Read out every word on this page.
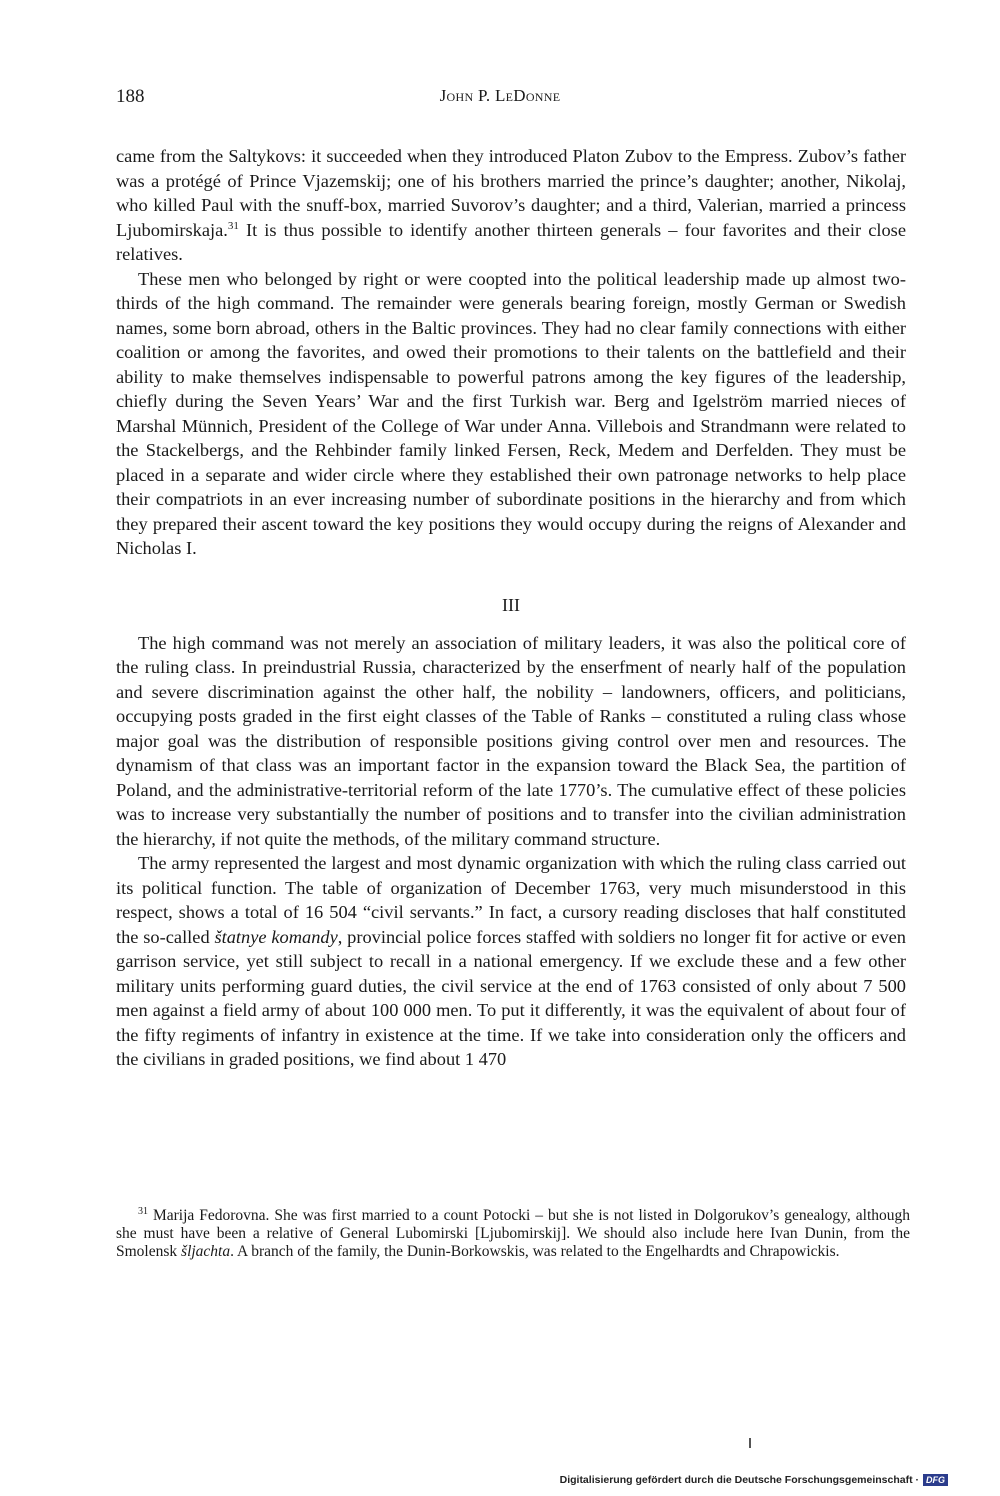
188	John P. LeDonne

came from the Saltykovs: it succeeded when they introduced Platon Zubov to the Empress. Zubov’s father was a protégé of Prince Vjazemskij; one of his brothers married the prince’s daughter; another, Nikolaj, who killed Paul with the snuff-box, married Suvorov’s daughter; and a third, Valerian, married a princess Ljubomirskaja.$^{31}$ It is thus possible to identify another thirteen generals – four favorites and their close relatives.

These men who belonged by right or were coopted into the political leadership made up almost two-thirds of the high command. The remainder were generals bearing foreign, mostly German or Swedish names, some born abroad, others in the Baltic provinces. They had no clear family connections with either coalition or among the favorites, and owed their promotions to their talents on the battlefield and their ability to make themselves indispensable to powerful patrons among the key figures of the leadership, chiefly during the Seven Years’ War and the first Turkish war. Berg and Igelström married nieces of Marshal Münnich, President of the College of War under Anna. Villebois and Strandmann were related to the Stackelbergs, and the Rehbinder family linked Fersen, Reck, Medem and Derfelden. They must be placed in a separate and wider circle where they established their own patronage networks to help place their compatriots in an ever increasing number of subordinate positions in the hierarchy and from which they prepared their ascent toward the key positions they would occupy during the reigns of Alexander and Nicholas I.

III

The high command was not merely an association of military leaders, it was also the political core of the ruling class. In preindustrial Russia, characterized by the enserfment of nearly half of the population and severe discrimination against the other half, the nobility – landowners, officers, and politicians, occupying posts graded in the first eight classes of the Table of Ranks – constituted a ruling class whose major goal was the distribution of responsible positions giving control over men and resources. The dynamism of that class was an important factor in the expansion toward the Black Sea, the partition of Poland, and the administrative-territorial reform of the late 1770’s. The cumulative effect of these policies was to increase very substantially the number of positions and to transfer into the civilian administration the hierarchy, if not quite the methods, of the military command structure.

The army represented the largest and most dynamic organization with which the ruling class carried out its political function. The table of organization of December 1763, very much misunderstood in this respect, shows a total of 16 504 “civil servants.” In fact, a cursory reading discloses that half constituted the so-called štatnye komandy, provincial police forces staffed with soldiers no longer fit for active or even garrison service, yet still subject to recall in a national emergency. If we exclude these and a few other military units performing guard duties, the civil service at the end of 1763 consisted of only about 7 500 men against a field army of about 100 000 men. To put it differently, it was the equivalent of about four of the fifty regiments of infantry in existence at the time. If we take into consideration only the officers and the civilians in graded positions, we find about 1 470

$^{31}$ Marija Fedorovna. She was first married to a count Potocki – but she is not listed in Dolgorukov’s genealogy, although she must have been a relative of General Lubomirski [Ljubomirskij]. We should also include here Ivan Dunin, from the Smolensk šljachta. A branch of the family, the Dunin-Borkowskis, was related to the Engelhardts and Chrapowickis.

Digitalisierung gefördert durch die Deutsche Forschungsgemeinschaft · DFG
